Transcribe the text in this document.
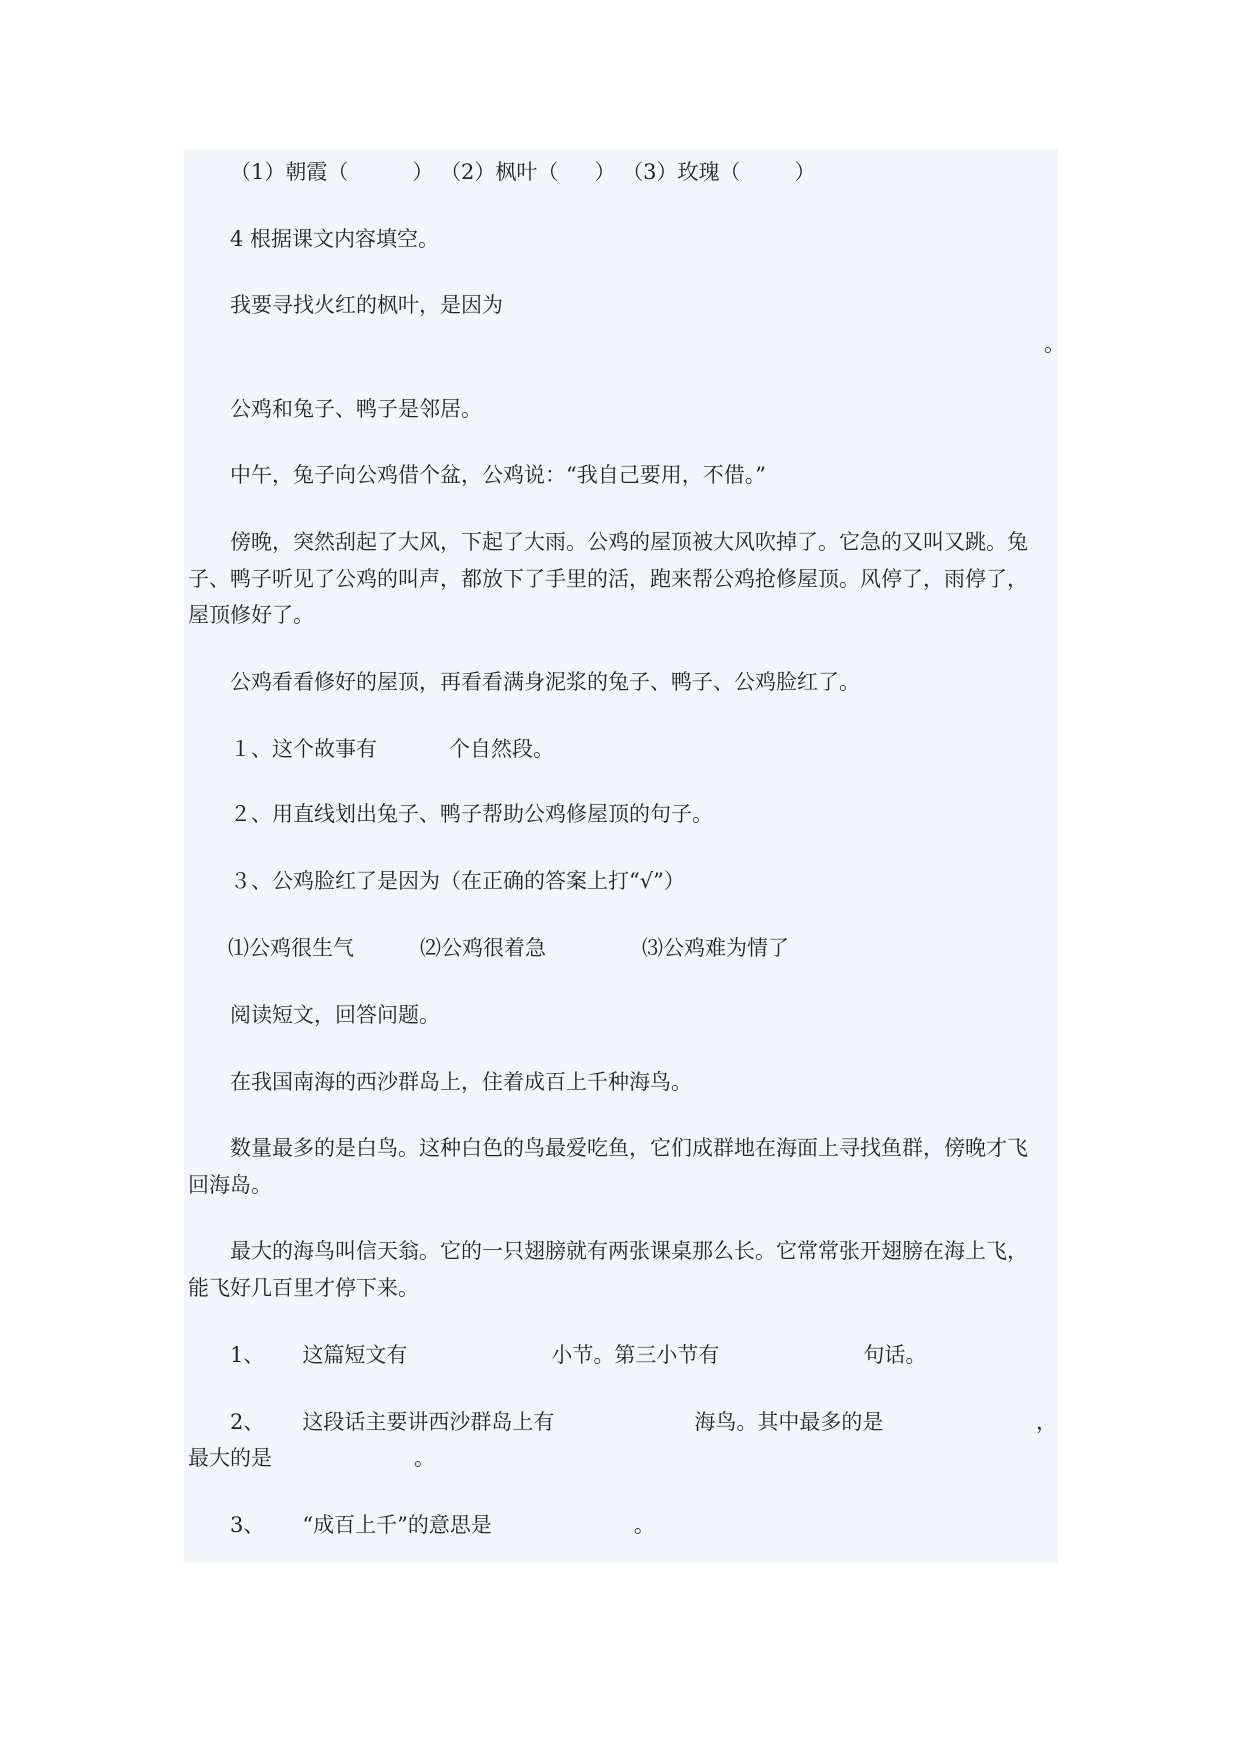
（1）朝霞（	） （2）枫叶（ ） （3）玫瑰（	）

4 根据课文内容填空。

我要寻找火红的枫叶，是因为

。

公鸡和兔子、鸭子是邻居。

中午，兔子向公鸡借个盆，公鸡说：“我自己要用，不借。”

傍晚，突然刮起了大风，下起了大雨。公鸡的屋顶被大风吹掉了。它急的又叫又跳。兔

子、鸭子听见了公鸡的叫声，都放下了手里的活，跑来帮公鸡抢修屋顶。风停了，雨停了，

屋顶修好了。

公鸡看看修好的屋顶，再看看满身泥浆的兔子、鸭子、公鸡脸红了。

１、这个故事有	个自然段。

２、用直线划出兔子、鸭子帮助公鸡修屋顶的句子。

３、公鸡脸红了是因为（在正确的答案上打“√”）

⑴公鸡很生气	⑵公鸡很着急	⑶公鸡难为情了

阅读短文，回答问题。

在我国南海的西沙群岛上，住着成百上千种海鸟。

数量最多的是白鸟。这种白色的鸟最爱吃鱼，它们成群地在海面上寻找鱼群，傍晚才飞

回海岛。

最大的海鸟叫信天翁。它的一只翅膀就有两张课桌那么长。它常常张开翅膀在海上飞，

能飞好几百里才停下来。

1、 这篇短文有	小节。第三小节有	句话。

2、 这段话主要讲西沙群岛上有	海鸟。其中最多的是	，

最大的是	。

3、 “成百上千”的意思是	。
